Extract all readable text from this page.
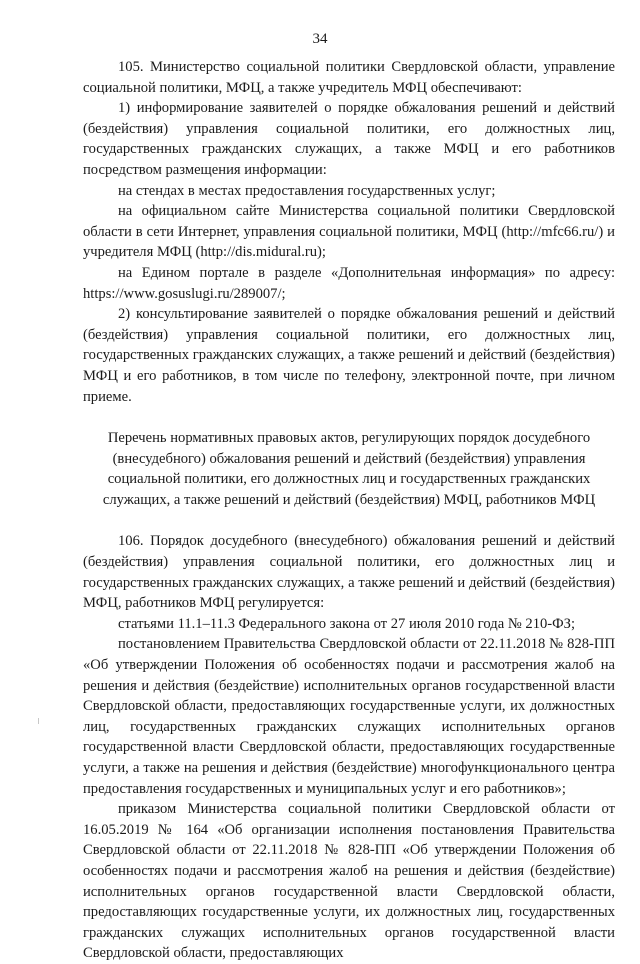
34

105. Министерство социальной политики Свердловской области, управление социальной политики, МФЦ, а также учредитель МФЦ обеспечивают:

1) информирование заявителей о порядке обжалования решений и действий (бездействия) управления социальной политики, его должностных лиц, государственных гражданских служащих, а также МФЦ и его работников посредством размещения информации:

на стендах в местах предоставления государственных услуг;

на официальном сайте Министерства социальной политики Свердловской области в сети Интернет, управления социальной политики, МФЦ (http://mfc66.ru/) и учредителя МФЦ (http://dis.midural.ru);

на Едином портале в разделе «Дополнительная информация» по адресу: https://www.gosuslugi.ru/289007/;

2) консультирование заявителей о порядке обжалования решений и действий (бездействия) управления социальной политики, его должностных лиц, государственных гражданских служащих, а также решений и действий (бездействия) МФЦ и его работников, в том числе по телефону, электронной почте, при личном приеме.

Перечень нормативных правовых актов, регулирующих порядок досудебного (внесудебного) обжалования решений и действий (бездействия) управления социальной политики, его должностных лиц и государственных гражданских служащих, а также решений и действий (бездействия) МФЦ, работников МФЦ

106. Порядок досудебного (внесудебного) обжалования решений и действий (бездействия) управления социальной политики, его должностных лиц и государственных гражданских служащих, а также решений и действий (бездействия) МФЦ, работников МФЦ регулируется:

статьями 11.1–11.3 Федерального закона от 27 июля 2010 года № 210-ФЗ;

постановлением Правительства Свердловской области от 22.11.2018 № 828-ПП «Об утверждении Положения об особенностях подачи и рассмотрения жалоб на решения и действия (бездействие) исполнительных органов государственной власти Свердловской области, предоставляющих государственные услуги, их должностных лиц, государственных гражданских служащих исполнительных органов государственной власти Свердловской области, предоставляющих государственные услуги, а также на решения и действия (бездействие) многофункционального центра предоставления государственных и муниципальных услуг и его работников»;

приказом Министерства социальной политики Свердловской области от 16.05.2019 № 164 «Об организации исполнения постановления Правительства Свердловской области от 22.11.2018 № 828-ПП «Об утверждении Положения об особенностях подачи и рассмотрения жалоб на решения и действия (бездействие) исполнительных органов государственной власти Свердловской области, предоставляющих государственные услуги, их должностных лиц, государственных гражданских служащих исполнительных органов государственной власти Свердловской области, предоставляющих
